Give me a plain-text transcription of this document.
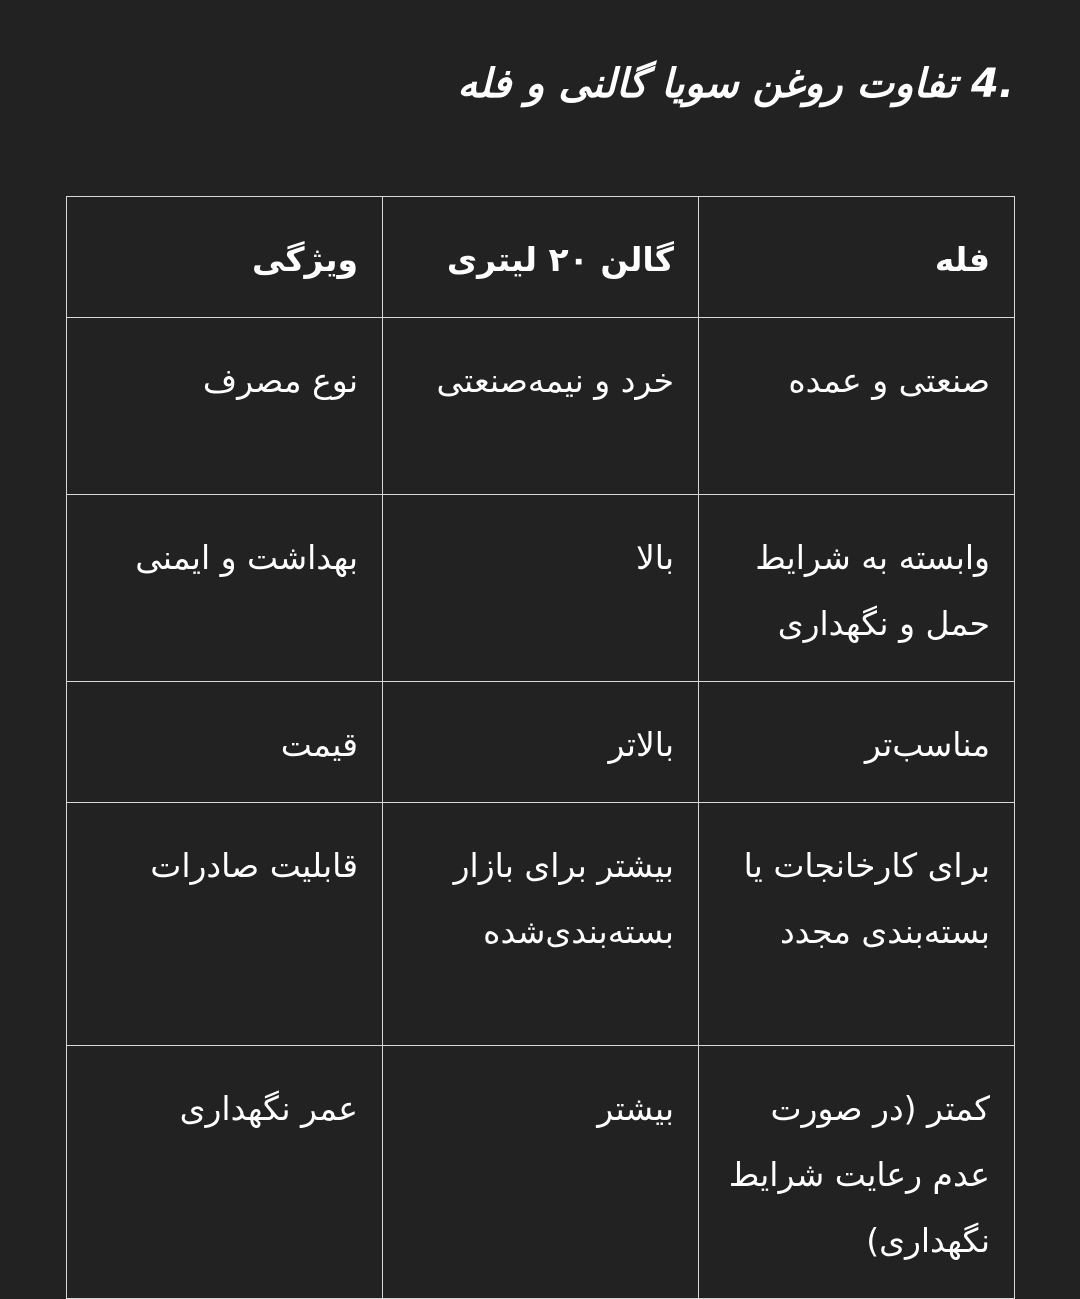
4. تفاوت روغن سویا گالنی و فله
فله	گالن ۲۰ لیتری	ویژگی
صنعتی و عمده	خرد و نیمه‌صنعتی	نوع مصرف
وابسته به شرایط حمل و نگهداری	بالا	بهداشت و ایمنی
مناسب‌تر	بالاتر	قیمت
برای کارخانجات یا بسته‌بندی مجدد	بیشتر برای بازار بسته‌بندی‌شده	قابلیت صادرات
کمتر (در صورت عدم رعایت شرایط نگهداری)	بیشتر	عمر نگهداری
